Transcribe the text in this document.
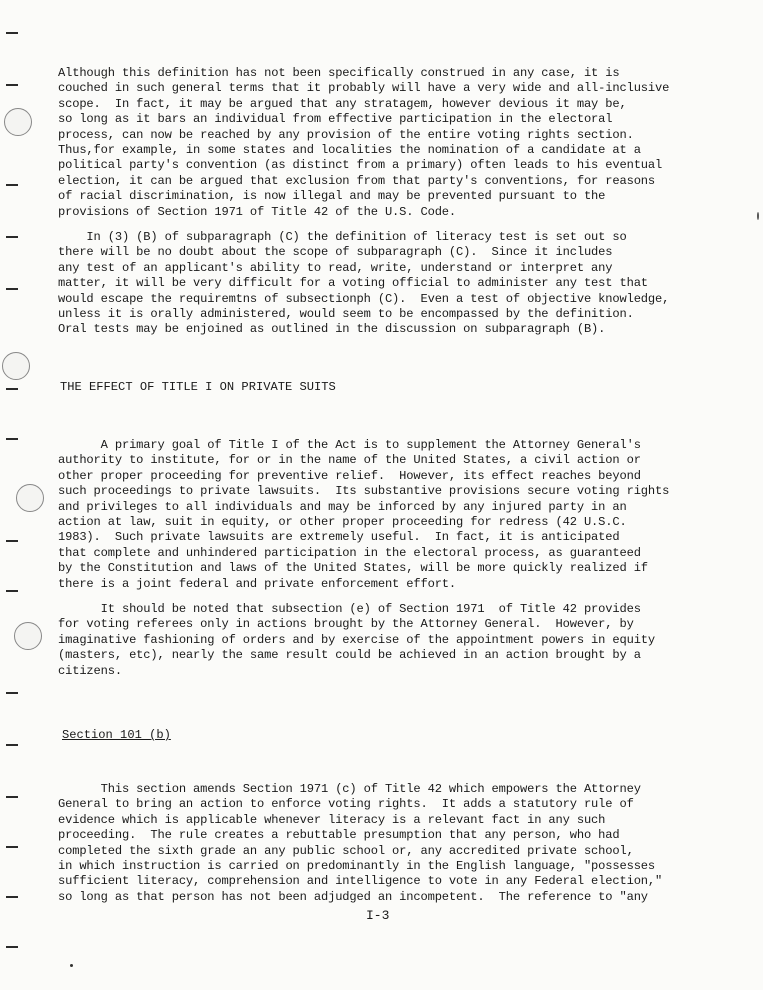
Although this definition has not been specifically construed in any case, it is
couched in such general terms that it probably will have a very wide and all-inclusive
scope.  In fact, it may be argued that any stratagem, however devious it may be,
so long as it bars an individual from effective participation in the electoral
process, can now be reached by any provision of the entire voting rights section.
Thus,for example, in some states and localities the nomination of a candidate at a
political party's convention (as distinct from a primary) often leads to his eventual
election, it can be argued that exclusion from that party's conventions, for reasons
of racial discrimination, is now illegal and may be prevented pursuant to the
provisions of Section 1971 of Title 42 of the U.S. Code.
In (3) (B) of subparagraph (C) the definition of literacy test is set out so
there will be no doubt about the scope of subparagraph (C).  Since it includes
any test of an applicant's ability to read, write, understand or interpret any
matter, it will be very difficult for a voting official to administer any test that
would escape the requiremtns of subsectionph (C).  Even a test of objective knowledge,
unless it is orally administered, would seem to be encompassed by the definition.
Oral tests may be enjoined as outlined in the discussion on subparagraph (B).
THE EFFECT OF TITLE I ON PRIVATE SUITS
A primary goal of Title I of the Act is to supplement the Attorney General's
authority to institute, for or in the name of the United States, a civil action or
other proper proceeding for preventive relief.  However, its effect reaches beyond
such proceedings to private lawsuits.  Its substantive provisions secure voting rights
and privileges to all individuals and may be inforced by any injured party in an
action at law, suit in equity, or other proper proceeding for redress (42 U.S.C.
1983).  Such private lawsuits are extremely useful.  In fact, it is anticipated
that complete and unhindered participation in the electoral process, as guaranteed
by the Constitution and laws of the United States, will be more quickly realized if
there is a joint federal and private enforcement effort.
It should be noted that subsection (e) of Section 1971  of Title 42 provides
for voting referees only in actions brought by the Attorney General.  However, by
imaginative fashioning of orders and by exercise of the appointment powers in equity
(masters, etc), nearly the same result could be achieved in an action brought by a
citizens.
Section 101 (b)
This section amends Section 1971 (c) of Title 42 which empowers the Attorney
General to bring an action to enforce voting rights.  It adds a statutory rule of
evidence which is applicable whenever literacy is a relevant fact in any such
proceeding.  The rule creates a rebuttable presumption that any person, who had
completed the sixth grade an any public school or, any accredited private school,
in which instruction is carried on predominantly in the English language, "possesses
sufficient literacy, comprehension and intelligence to vote in any Federal election,"
so long as that person has not been adjudged an incompetent.  The reference to "any
I-3
